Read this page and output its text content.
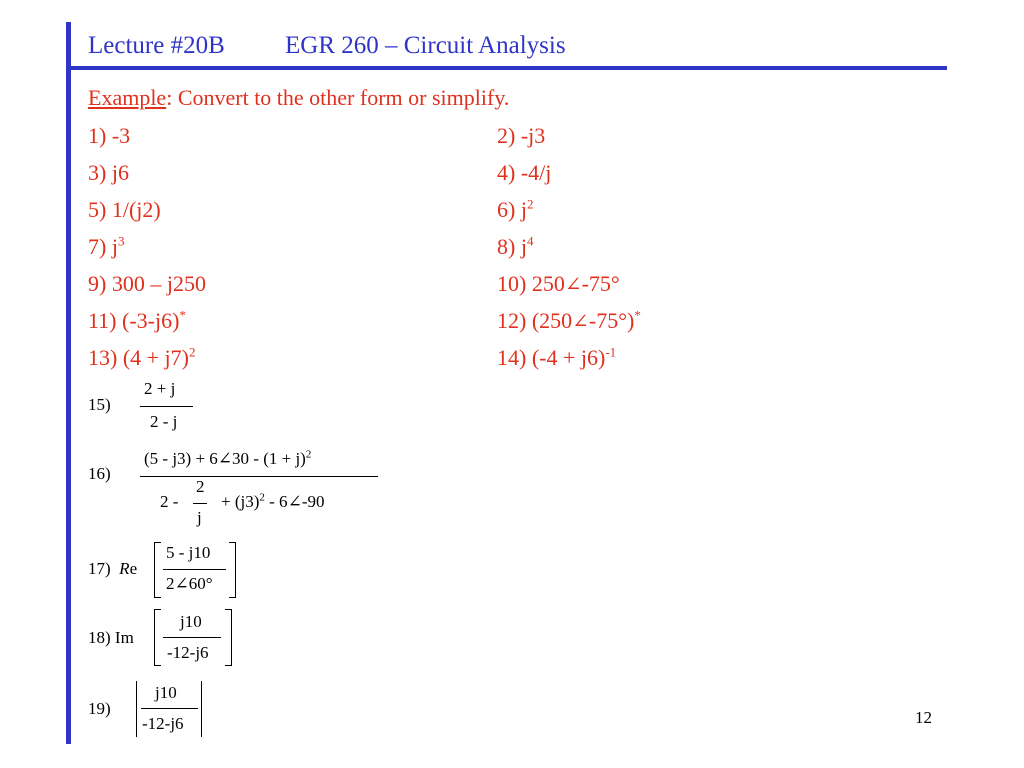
Lecture #20B EGR 260 – Circuit Analysis
Example: Convert to the other form or simplify.
1) -3
3) j6
5) 1/(j2)
7) $j^3$
9) 300 – j250
11) (-3-j6)*
13) $(4 + j7)^2$
2) -j3
4) -4/j
6) $j^2$
8) $j^4$
10) 250∠-75°
12) (250∠-75°)*
14) $(-4 + j6)^{-1}$
15)
2 + j
2 - j
16)
(5 - j3) + 6∠30 - $(1 + j)^2$
2 -
2
j
+ $(j3)^2$ - 6∠-90
17) Re
5 - j10
2∠60°
18) Im
j10
-12-j6
19)
j10
-12-j6	12
